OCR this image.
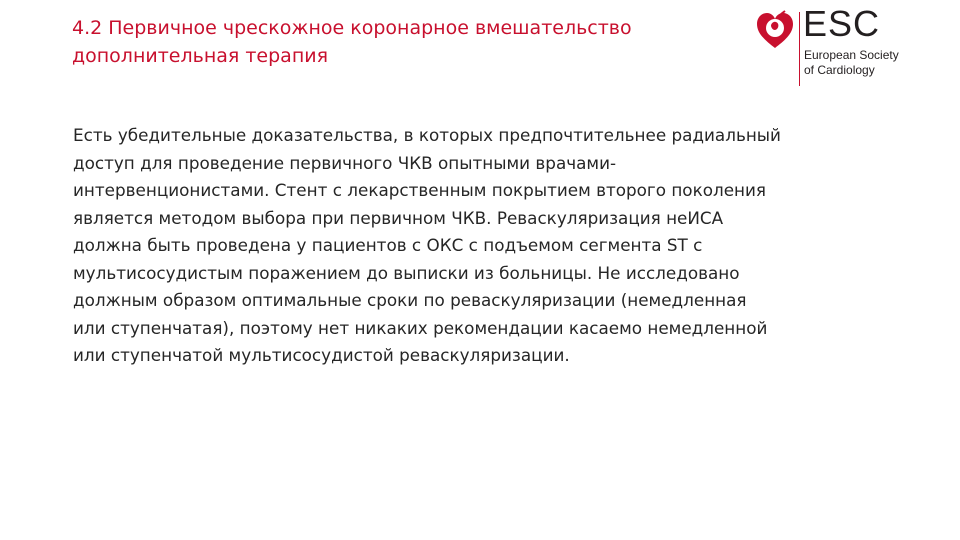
4.2 Первичное чрескожное коронарное вмешательство
дополнительная терапия
ESC
European Society
of Cardiology
Есть убедительные доказательства, в которых предпочтительнее радиальный
доступ для проведение первичного ЧКВ опытными врачами-
интервенционистами. Стент с лекарственным покрытием второго поколения
является методом выбора при первичном ЧКВ. Реваскуляризация неИСА
должна быть проведена у пациентов с ОКС с подъемом сегмента ST с
мультисосудистым поражением до выписки из больницы. Не исследовано
должным образом оптимальные сроки по реваскуляризации (немедленная
или ступенчатая), поэтому нет никаких рекомендации касаемо немедленной
или ступенчатой мультисосудистой реваскуляризации.
